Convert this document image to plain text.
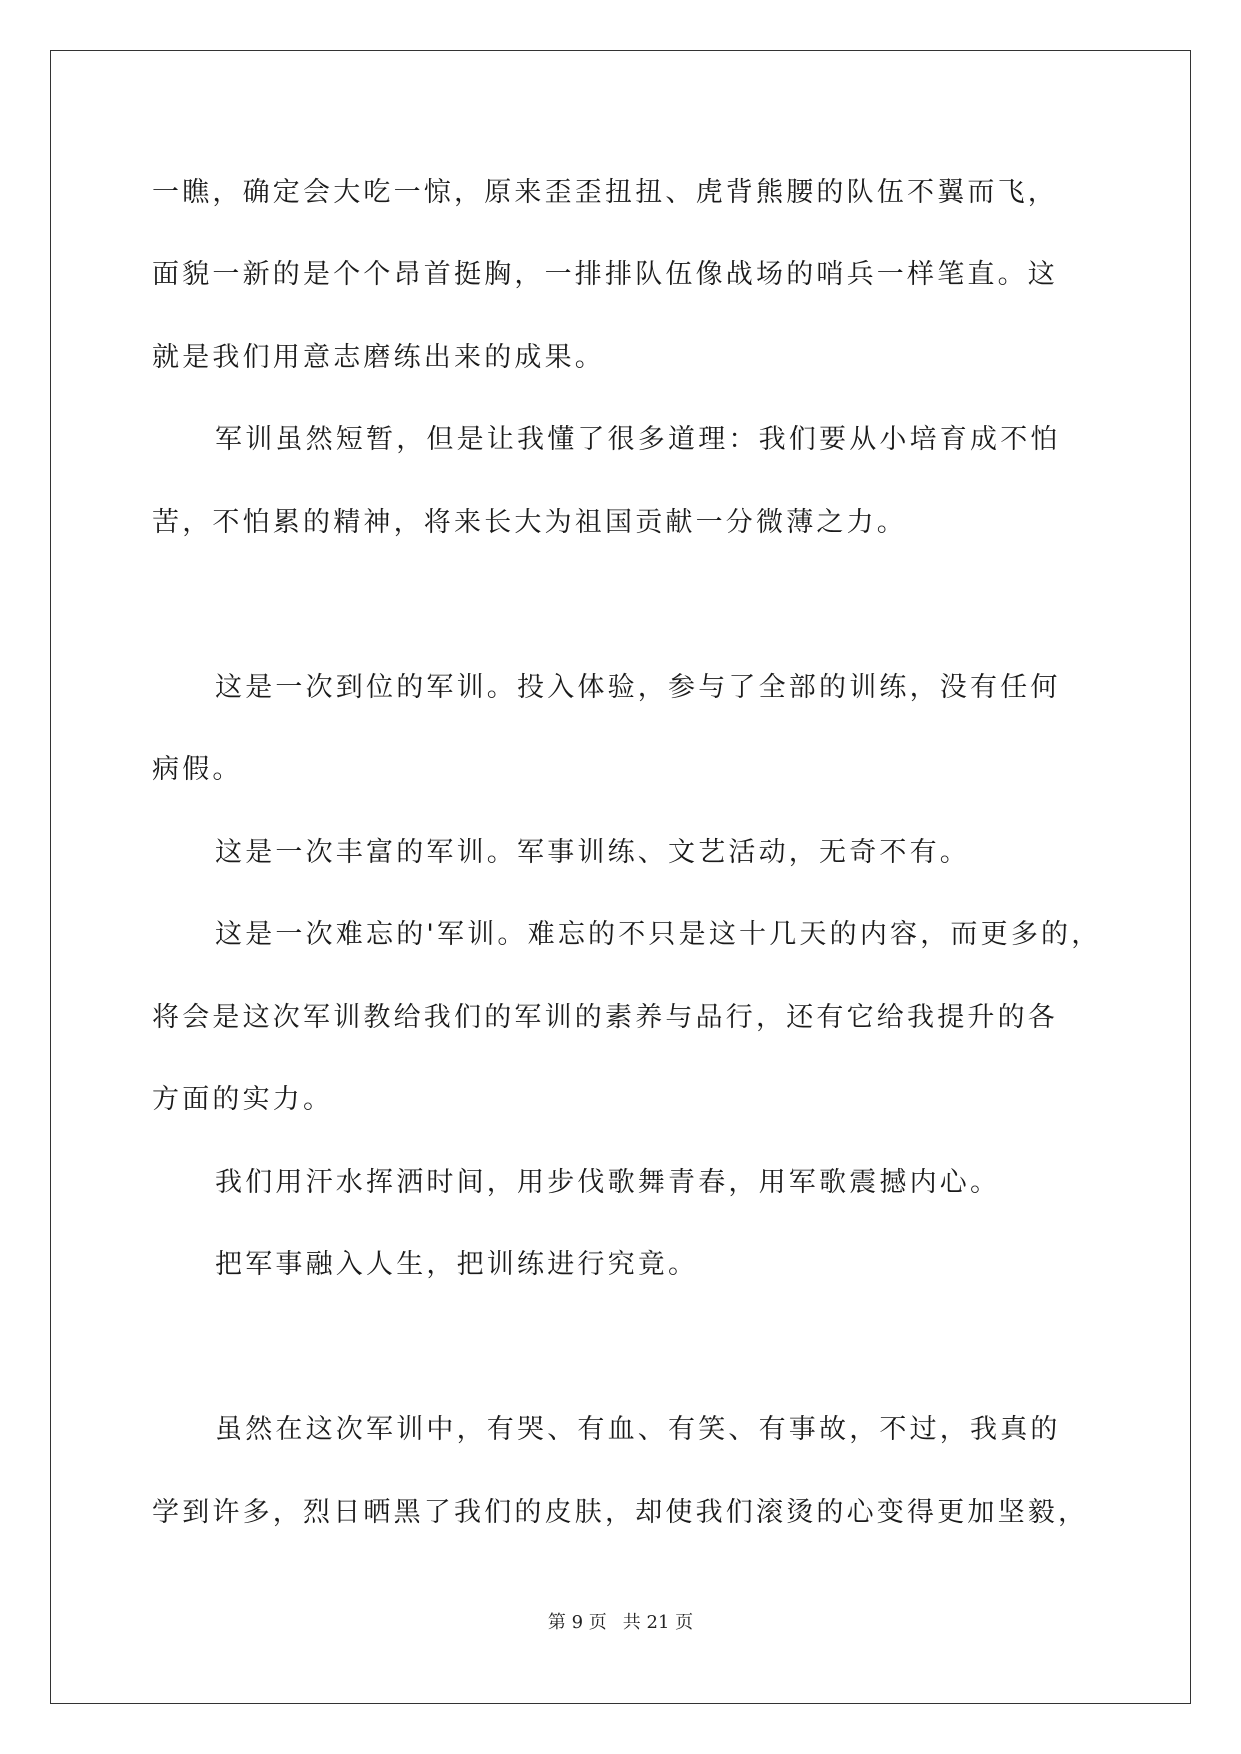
一瞧，确定会大吃一惊，原来歪歪扭扭、虎背熊腰的队伍不翼而飞，
面貌一新的是个个昂首挺胸，一排排队伍像战场的哨兵一样笔直。这
就是我们用意志磨练出来的成果。
军训虽然短暂，但是让我懂了很多道理：我们要从小培育成不怕
苦，不怕累的精神，将来长大为祖国贡献一分微薄之力。
这是一次到位的军训。投入体验，参与了全部的训练，没有任何
病假。
这是一次丰富的军训。军事训练、文艺活动，无奇不有。
这是一次难忘的'军训。难忘的不只是这十几天的内容，而更多的，
将会是这次军训教给我们的军训的素养与品行，还有它给我提升的各
方面的实力。
我们用汗水挥洒时间，用步伐歌舞青春，用军歌震撼内心。
把军事融入人生，把训练进行究竟。
虽然在这次军训中，有哭、有血、有笑、有事故，不过，我真的
学到许多，烈日晒黑了我们的皮肤，却使我们滚烫的心变得更加坚毅，
第 9 页 共 21 页
